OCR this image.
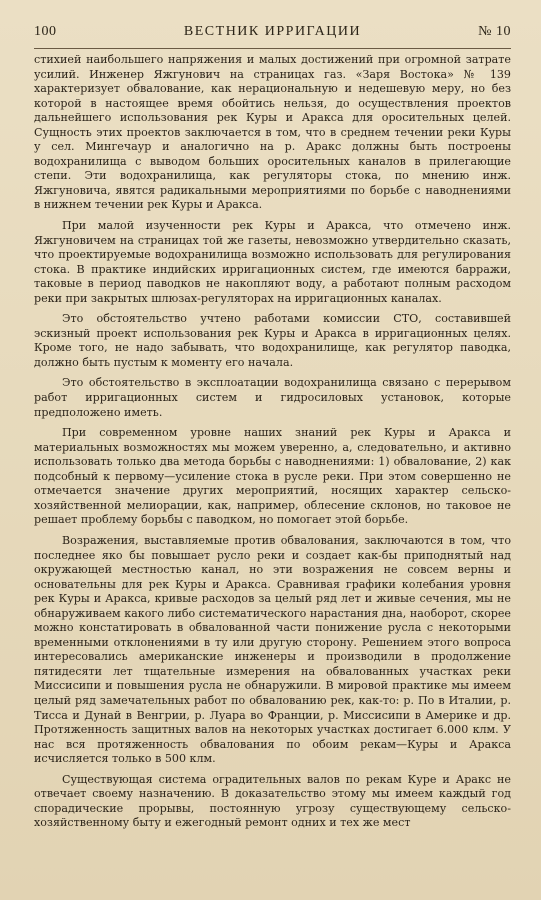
100	ВЕСТНИК ИРРИГАЦИИ	№ 10

стихией наибольшего напряжения и малых достижений при огромной затрате усилий. Инженер Яжгунович на страницах газ. «Заря Востока» № 139 характеризует обвалование, как нерациональную и недешевую меру, но без которой в настоящее время обойтись нельзя, до осуществления проектов дальнейшего использования рек Куры и Аракса для оросительных целей. Сущность этих проектов заключается в том, что в среднем течении реки Куры у сел. Мингечаур и аналогично на р. Аракс должны быть построены водохранилища с выводом больших оросительных каналов в прилегающие степи. Эти водохранилища, как регуляторы стока, по мнению инж. Яжгуновича, явятся радикальными мероприятиями по борьбе с наводнениями в нижнем течении рек Куры и Аракса.

При малой изученности рек Куры и Аракса, что отмечено инж. Яжгуновичем на страницах той же газеты, невозможно утвердительно сказать, что проектируемые водохранилища возможно использовать для регулирования стока. В практике индийских ирригационных систем, где имеются барражи, таковые в период паводков не накопляют воду, а работают полным расходом реки при закрытых шлюзах-регуляторах на ирригационных каналах.

Это обстоятельство учтено работами комиссии СТО, составившей эскизный проект использования рек Куры и Аракса в ирригационных целях. Кроме того, не надо забывать, что водохранилище, как регулятор паводка, должно быть пустым к моменту его начала.

Это обстоятельство в эксплоатации водохранилища связано с перерывом работ ирригационных систем и гидросиловых установок, которые предположено иметь.

При современном уровне наших знаний рек Куры и Аракса и материальных возможностях мы можем уверенно, а, следовательно, и активно использовать только два метода борьбы с наводнениями: 1) обвалование, 2) как подсобный к первому—усиление стока в русле реки. При этом совершенно не отмечается значение других мероприятий, носящих характер сельско-хозяйственной мелиорации, как, например, облесение склонов, но таковое не решает проблему борьбы с паводком, но помогает этой борьбе.

Возражения, выставляемые против обвалования, заключаются в том, что последнее яко бы повышает русло реки и создает как-бы приподнятый над окружающей местностью канал, но эти возражения не совсем верны и основательны для рек Куры и Аракса. Сравнивая графики колебания уровня рек Куры и Аракса, кривые расходов за целый ряд лет и живые сечения, мы не обнаруживаем какого либо систематического нарастания дна, наоборот, скорее можно констатировать в обвалованной части понижение русла с некоторыми временными отклонениями в ту или другую сторону. Решением этого вопроса интересовались американские инженеры и производили в продолжение пятидесяти лет тщательные измерения на обвалованных участках реки Миссисипи и повышения русла не обнаружили. В мировой практике мы имеем целый ряд замечательных работ по обвалованию рек, как-то: р. По в Италии, р. Тисса и Дунай в Венгрии, р. Луара во Франции, р. Миссисипи в Америке и др. Протяженность защитных валов на некоторых участках достигает 6.000 клм. У нас вся протяженность обвалования по обоим рекам—Куры и Аракса исчисляется только в 500 клм.

Существующая система оградительных валов по рекам Куре и Аракс не отвечает своему назначению. В доказательство этому мы имеем каждый год спорадические прорывы, постоянную угрозу существующему сельско-хозяйственному быту и ежегодный ремонт одних и тех же мест
